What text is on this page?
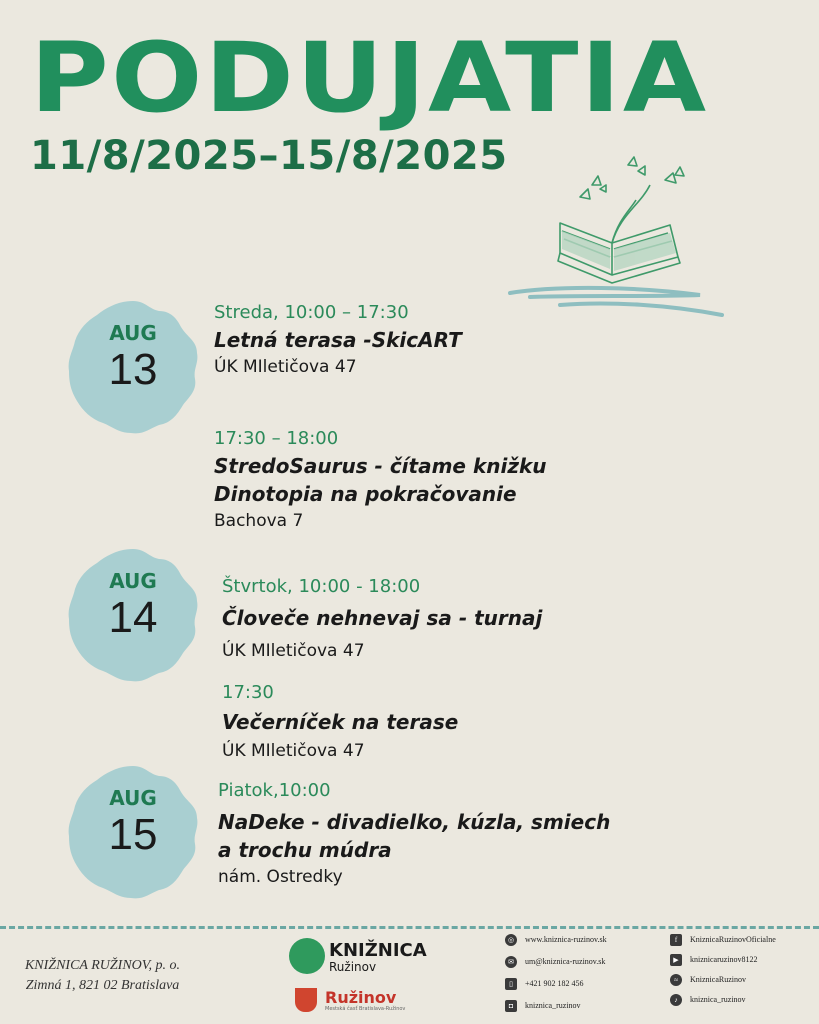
PODUJATIA
11/8/2025–15/8/2025
AUG
13
Streda, 10:00 – 17:30
Letná terasa -SkicART
ÚK MIletičova 47
17:30 – 18:00
StredoSaurus - čítame knižku
Dinotopia na pokračovanie
Bachova 7
AUG
14
Štvrtok, 10:00 - 18:00
Človeče nehnevaj sa - turnaj
ÚK MIletičova 47
17:30
Večerníček na terase
ÚK MIletičova 47
AUG
15
Piatok,10:00
NaDeke - divadielko, kúzla, smiech
a trochu múdra
nám. Ostredky
KNIŽNICA RUŽINOV, p. o.
Zimná 1, 821 02 Bratislava
KNIŽNICA
Ružinov
Ružinov
Mestská časť Bratislava-Ružinov
◎ www.kniznica-ruzinov.sk
✉ um@kniznica-ruzinov.sk
▯ +421 902 182 456
◘ kniznica_ruzinov
f KniznicaRuzinovOficialne
▶ kniznicaruzinov8122
≈ KniznicaRuzinov
♪ kniznica_ruzinov
